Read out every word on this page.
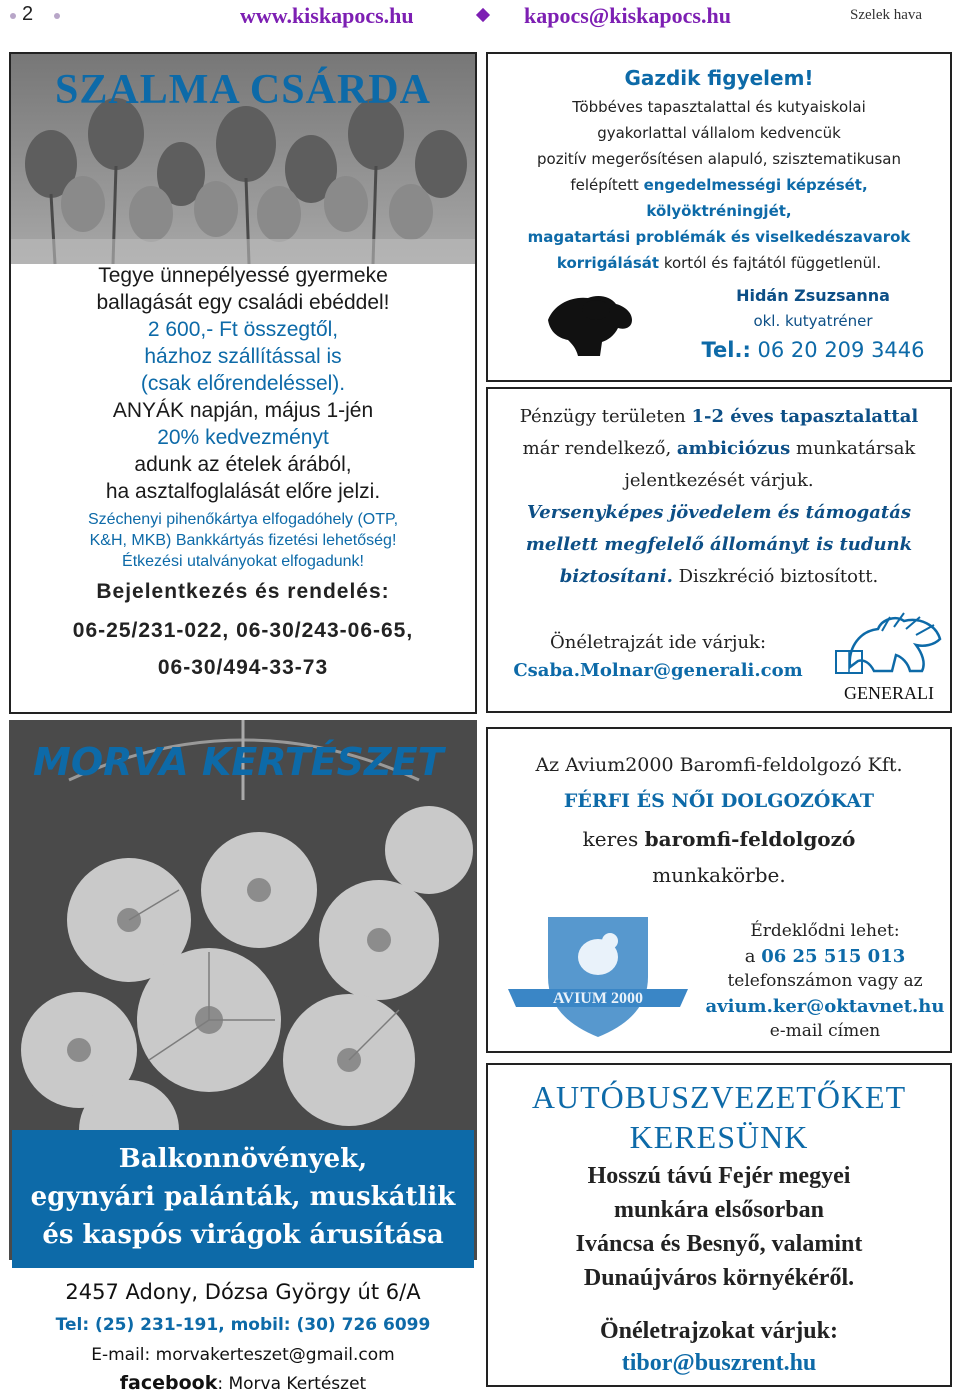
2	www.kiskapocs.hu	kapocs@kiskapocs.hu	Szelek hava
SZALMA CSÁRDA
Tegye ünnepélyessé gyermeke
ballagását egy családi ebéddel!
2 600,- Ft összegtől,
házhoz szállítással is
(csak előrendeléssel).
ANYÁK napján, május 1-jén
20% kedvezményt
adunk az ételek árából,
ha asztalfoglalását előre jelzi.
Széchenyi pihenőkártya elfogadóhely (OTP,
K&H, MKB) Bankkártyás fizetési lehetőség!
Étkezési utalványokat elfogadunk!
Bejelentkezés és rendelés:
06-25/231-022, 06-30/243-06-65,
06-30/494-33-73
Gazdik figyelem!
Többéves tapasztalattal és kutyaiskolai
gyakorlattal vállalom kedvencük
pozitív megerősítésen alapuló, szisztematikusan
felépített engedelmességi képzését,
kölyöktréningjét,
magatartási problémák és viselkedészavarok
korrigálását kortól és fajtától függetlenül.
Hidán Zsuzsanna
okl. kutyatréner
Tel.: 06 20 209 3446
Pénzügy területen 1-2 éves tapasztalattal
már rendelkező, ambiciózus munkatársak
jelentkezését várjuk.
Versenyképes jövedelem és támogatás
mellett megfelelő állományt is tudunk
biztosítani. Diszkréció biztosított.
Önéletrajzát ide várjuk:
Csaba.Molnar@generali.com
GENERALI
MORVA KERTÉSZET
Balkonnövények,
egynyári palánták, muskátlik
és kaspós virágok árusítása
2457 Adony, Dózsa György út 6/A
Tel: (25) 231-191, mobil: (30) 726 6099
E-mail: morvakerteszet@gmail.com
facebook: Morva Kertészet
Az Avium2000 Baromfi-feldolgozó Kft.
FÉRFI ÉS NŐI DOLGOZÓKAT
keres baromfi-feldolgozó
munkakörbe.
AVIUM 2000
Érdeklődni lehet:
a 06 25 515 013
telefonszámon vagy az
avium.ker@oktavnet.hu
e-mail címen
AUTÓBUSZVEZETŐKET
KERESÜNK
Hosszú távú Fejér megyei
munkára elsősorban
Iváncsa és Besnyő, valamint
Dunaújváros környékéről.
Önéletrajzokat várjuk:
tibor@buszrent.hu
